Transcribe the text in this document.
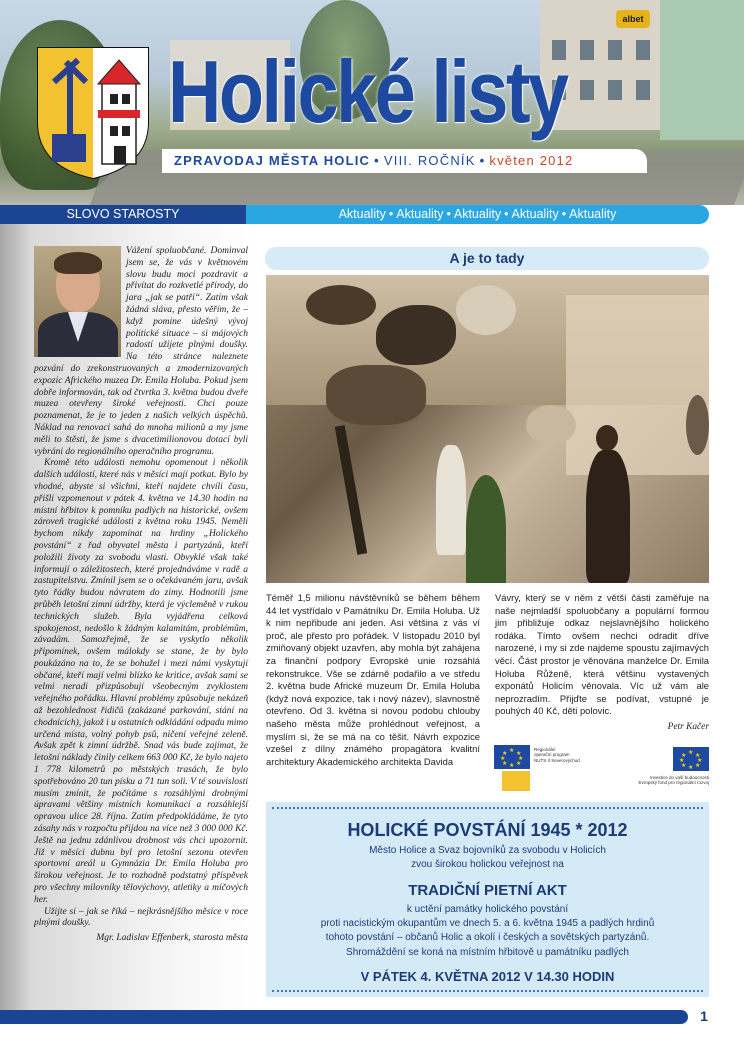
albet
Holické listy
ZPRAVODAJ MĚSTA HOLIC • VIII. ROČNÍK • květen 2012
SLOVO STAROSTY	Aktuality • Aktuality • Aktuality • Aktuality • Aktuality

Vážení spoluobčané. Dominval jsem se, že vás v květnovém slovu budu moci pozdravit a přivítat do rozkvetlé přírody, do jara „jak se patří“. Zatím však žádná sláva, přesto věřím, že – když pomine údešný vývoj politické situace – si májových radostí užijete plnými doušky. Na této stránce naleznete pozvání do zrekonstruovaných a zmodernizovaných expozic Afrického muzea Dr. Emila Holuba. Pokud jsem dobře informován, tak od čtvrtka 3. května budou dveře muzea otevřeny široké veřejnosti. Chci pouze poznamenat, že je to jeden z našich velkých úspěchů. Náklad na renovaci sahá do mnoha milionů a my jsme měli to štěstí, že jsme s dvacetimilionovou dotací byli vybráni do regionálního operačního programu.

Kromě této události nemohu opomenout i několik dalších událostí, které nás v měsíci mají potkat. Bylo by vhodné, abyste si všichni, kteří najdete chvíli času, přišli vzpomenout v pátek 4. května ve 14.30 hodin na místní hřbitov k pomníku padlých na historické, ovšem zároveň tragické události z května roku 1945. Neměli bychom nikdy zapomínat na hrdiny „Holického povstání“ z řad obyvatel města i partyzánů, kteří položili životy za svobodu vlasti. Obvyklé však také informují o záležitostech, které projednáváme v radě a zastupitelstvu. Zmínil jsem se o očekávaném jaru, avšak tyto řádky budou návratem do zimy. Hodnotili jsme průběh letošní zimní údržby, která je výcleměně v rukou technických služeb. Byla vyjádřena celková spokojenost, nedošlo k žádným kalamitám, problémům, závadám. Samozřejmě, že se vyskytlo několik připomínek, ovšem málokdy se stane, že by bylo poukázáno na to, že se bohužel i mezi námi vyskytují občané, kteří mají velmi blízko ke kritice, avšak sami se velmi neradi přizpůsobují všeobecným zvyklostem veřejného pořádku. Hlavní problémy způsobuje nekázeň až bezohlednost řidičů (zakázané parkování, stání na chodnících), jakož i u ostatních odkládání odpadu mimo určená místa, volný pohyb psů, ničení veřejné zeleně. Avšak zpět k zimní údržbě. Snad vás bude zajímat, že letošní náklady činily celkem 663 000 Kč, že bylo najeto 1 778 kilometrů po městských trasách, že bylo spotřebováno 20 tun písku a 71 tun soli. V té souvislosti musím zmínit, že počítáme s rozsáhlými drobnými úpravami většiny místních komunikací a rozsáhlejší opravou ulice 28. října. Zatím předpokládáme, že tyto zásahy nás v rozpočtu přijdou na více než 3 000 000 Kč. Ještě na jednu zdánlivou drobnost vás chci upozornit. Již v měsíci dubnu byl pro letošní sezonu otevřen sportovní areál u Gymnázia Dr. Emila Holuba pro širokou veřejnost. Je to rozhodně podstatný příspěvek pro všechny milovníky tělovýchovy, atletiky a míčových her.

Užijte si – jak se říká – nejkrásnějšího měsíce v roce plnými doušky.

Mgr. Ladislav Effenberk, starosta města

A je to tady
Téměř 1,5 milionu návštěvníků se během během 44 let vystřídalo v Památníku Dr. Emila Holuba. Už k nim nepřibude ani jeden. Asi většina z vás ví proč, ale přesto pro pořádek. V listopadu 2010 byl zmiňovaný objekt uzavřen, aby mohla být zahájena za finanční podpory Evropské unie rozsáhlá rekonstrukce. Vše se zdárně podařilo a ve středu 2. května bude Africké muzeum Dr. Emila Holuba (když nová expozice, tak i nový název), slavnostně otevřeno. Od 3. května si novou podobu chlouby našeho města může prohlédnout veřejnost, a myslím si, že se má na co těšit. Návrh expozice vzešel z dílny známého propagátora kvalitní architektury Akademického architekta Davida
Vávry, který se v něm z větší části zaměřuje na naše nejmladší spoluobčany a populární formou jim přibližuje odkaz nejslavnějšího holického rodáka. Tímto ovšem nechci odradit dříve narozené, i my si zde najdeme spoustu zajímavých věcí. Část prostor je věnována manželce Dr. Emila Holuba Růženě, která většinu vystavených exponátů Holicím věnovala. Víc už vám ale neprozradím. Přijďte se podívat, vstupné je pouhých 40 Kč, děti polovic.
Petr Kačer
★ ★
★
★
★
★
★
★
Regionální
operační program
NUTS II Severovýchod
★ ★
★
★
★
★
★
★
Investice do vaší budoucnosti
Evropský fond pro regionální rozvoj
HOLICKÉ POVSTÁNÍ 1945 * 2012
Město Holice a Svaz bojovníků za svobodu v Holicích
zvou širokou holickou veřejnost na
TRADIČNÍ PIETNÍ AKT
k uctění památky holického povstání
proti nacistickým okupantům ve dnech 5. a 6. května 1945 a padlých hrdinů
tohoto povstání – občanů Holic a okolí i českých a sovětských partyzánů.
Shromáždění se koná na místním hřbitově u památníku padlých
V PÁTEK 4. KVĚTNA 2012 V 14.30 HODIN
1
